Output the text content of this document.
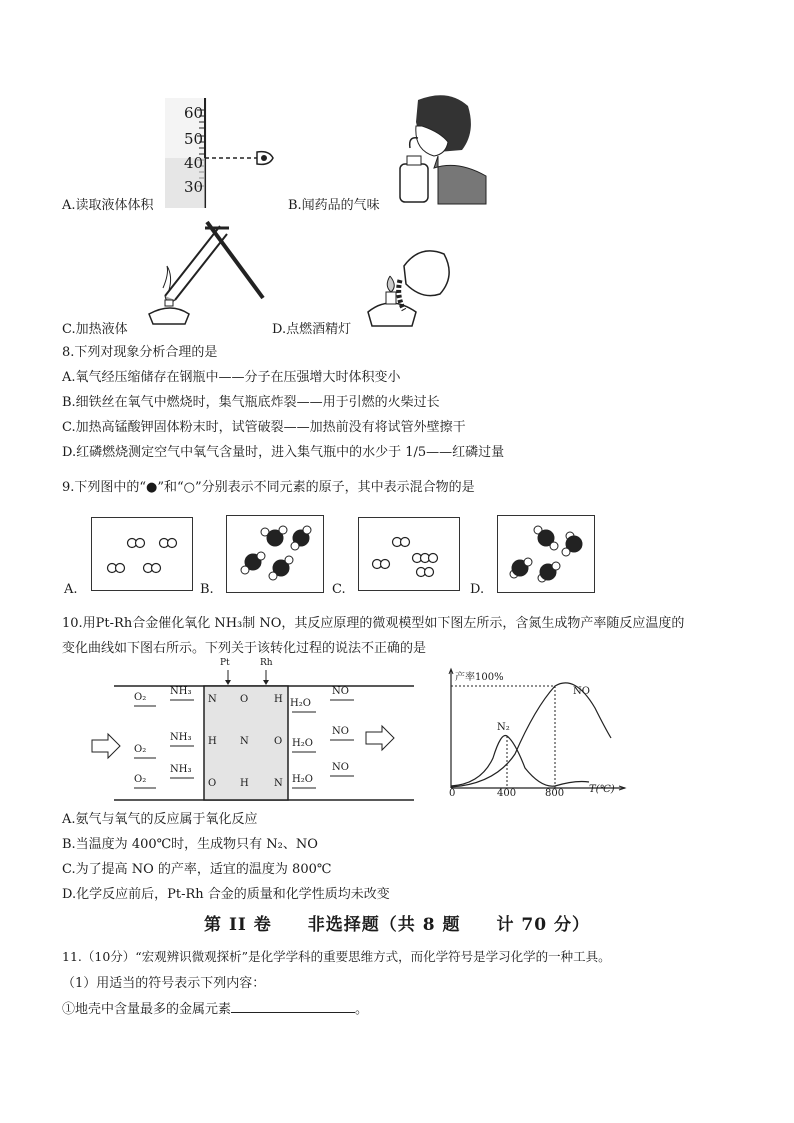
60
50
40
30
A.读取液体体积	B.闻药品的气味
C.加热液体	D.点燃酒精灯
8.下列对现象分析合理的是
A.氧气经压缩储存在钢瓶中——分子在压强增大时体积变小
B.细铁丝在氧气中燃烧时，集气瓶底炸裂——用于引燃的火柴过长
C.加热高锰酸钾固体粉末时，试管破裂——加热前没有将试管外壁擦干
D.红磷燃烧测定空气中氧气含量时，进入集气瓶中的水少于 1/5——红磷过量
9.下列图中的“●”和“○”分别表示不同元素的原子，其中表示混合物的是
A.	B.	C.	D.
10.用Pt-Rh合金催化氧化 NH₃制 NO，其反应原理的微观模型如下图左所示，含氮生成物产率随反应温度的
变化曲线如下图右所示。下列关于该转化过程的说法不正确的是
Pt	Rh
O₂
O₂
O₂
NH₃
NH₃
NH₃
N O	H
H N	O
O H	N
H₂O
H₂O
H₂O
NO
NO
NO
产率100%
N₂
NO
0	400	800 T(℃)
A.氨气与氧气的反应属于氧化反应
B.当温度为 400℃时，生成物只有 N₂、NO
C.为了提高 NO 的产率，适宜的温度为 800℃
D.化学反应前后，Pt-Rh 合金的质量和化学性质均未改变
第 II 卷　　非选择题（共 8 题　　计 70 分）
11.（10分）“宏观辨识微观探析”是化学学科的重要思维方式，而化学符号是学习化学的一种工具。
（1）用适当的符号表示下列内容：
①地壳中含量最多的金属元素	。
